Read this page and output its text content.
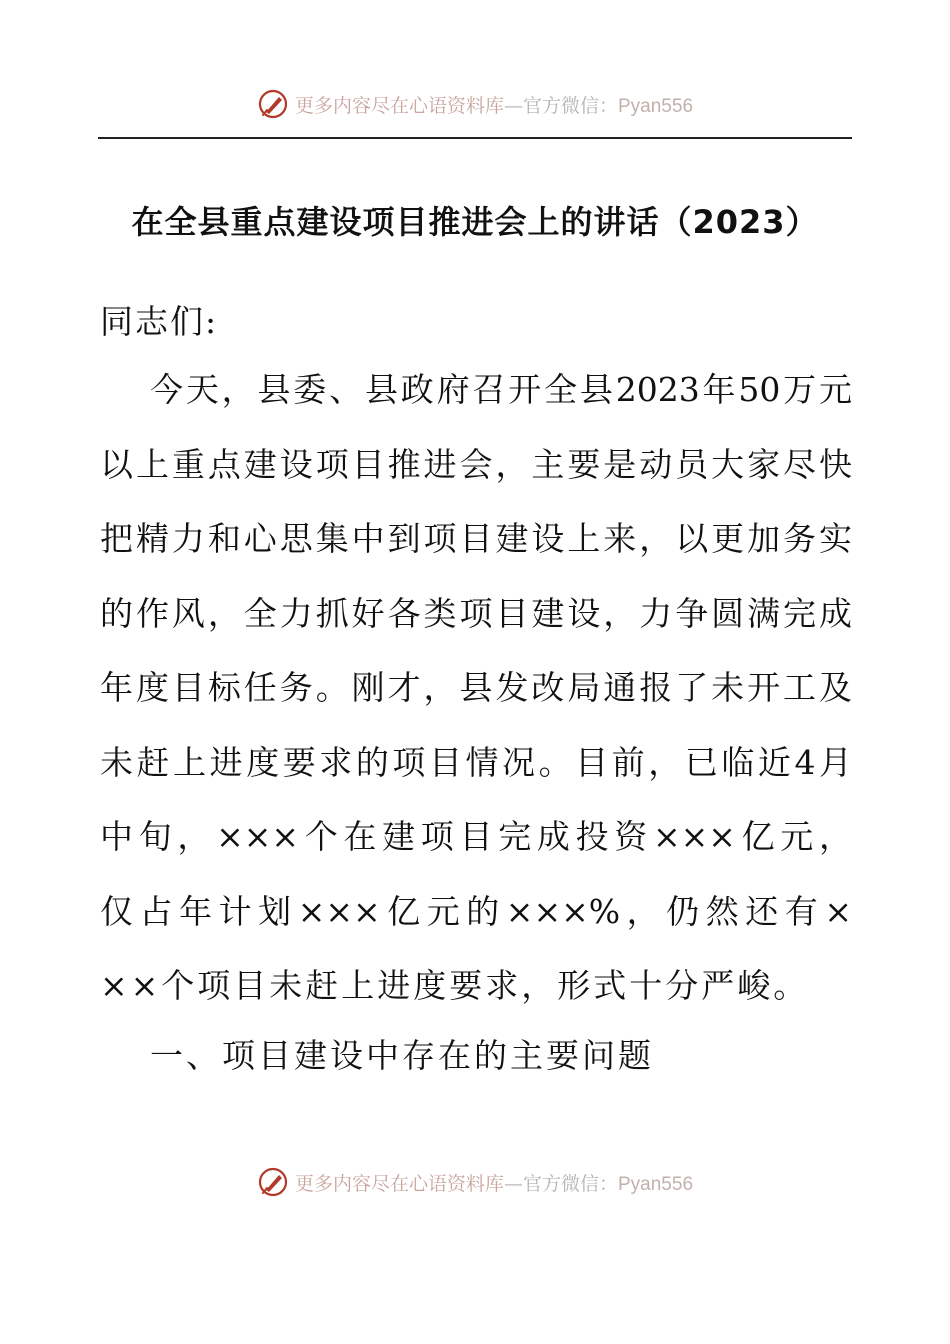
更多内容尽在心语资料库—官方微信：Pyan556
在全县重点建设项目推进会上的讲话（2023）
同志们:
今天，县委、县政府召开全县2023年50万元
以上重点建设项目推进会，主要是动员大家尽快
把精力和心思集中到项目建设上来，以更加务实
的作风，全力抓好各类项目建设，力争圆满完成
年度目标任务。刚才，县发改局通报了未开工及
未赶上进度要求的项目情况。目前，已临近4月
中旬，×××个在建项目完成投资×××亿元，
仅占年计划×××亿元的×××%，仍然还有×
××个项目未赶上进度要求，形式十分严峻。
一、项目建设中存在的主要问题
更多内容尽在心语资料库—官方微信：Pyan556
